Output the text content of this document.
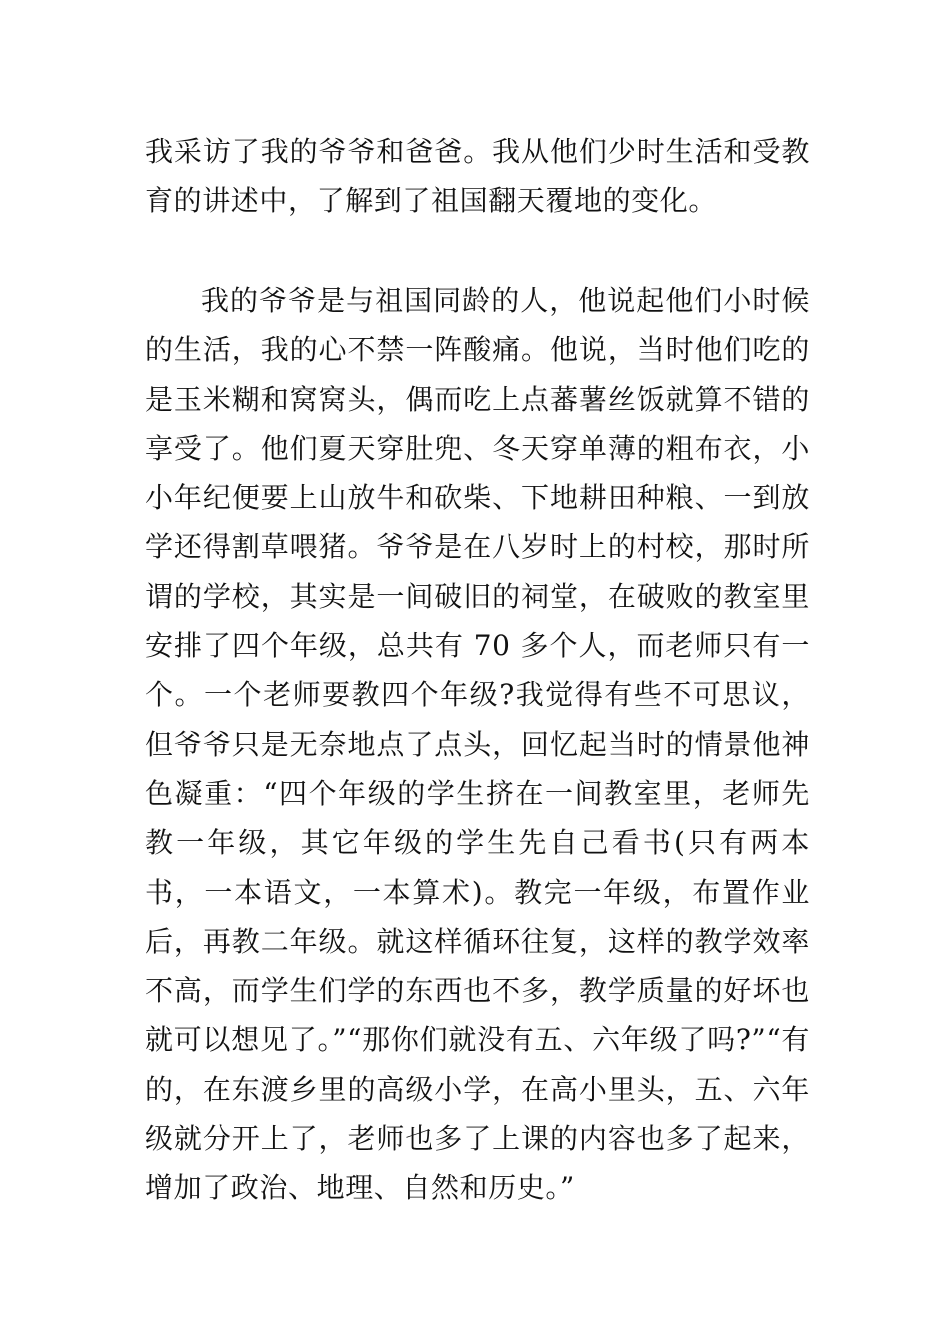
我采访了我的爷爷和爸爸。我从他们少时生活和受教育的讲述中，了解到了祖国翻天覆地的变化。

我的爷爷是与祖国同龄的人，他说起他们小时候的生活，我的心不禁一阵酸痛。他说，当时他们吃的是玉米糊和窝窝头，偶而吃上点蕃薯丝饭就算不错的享受了。他们夏天穿肚兜、冬天穿单薄的粗布衣，小小年纪便要上山放牛和砍柴、下地耕田种粮、一到放学还得割草喂猪。爷爷是在八岁时上的村校，那时所谓的学校，其实是一间破旧的祠堂，在破败的教室里安排了四个年级，总共有 70 多个人，而老师只有一个。一个老师要教四个年级?我觉得有些不可思议，但爷爷只是无奈地点了点头，回忆起当时的情景他神色凝重：“四个年级的学生挤在一间教室里，老师先教一年级，其它年级的学生先自己看书(只有两本书，一本语文，一本算术)。教完一年级，布置作业后，再教二年级。就这样循环往复，这样的教学效率不高，而学生们学的东西也不多，教学质量的好坏也就可以想见了。”“那你们就没有五、六年级了吗?”“有的，在东渡乡里的高级小学，在高小里头，五、六年级就分开上了，老师也多了上课的内容也多了起来，增加了政治、地理、自然和历史。”
